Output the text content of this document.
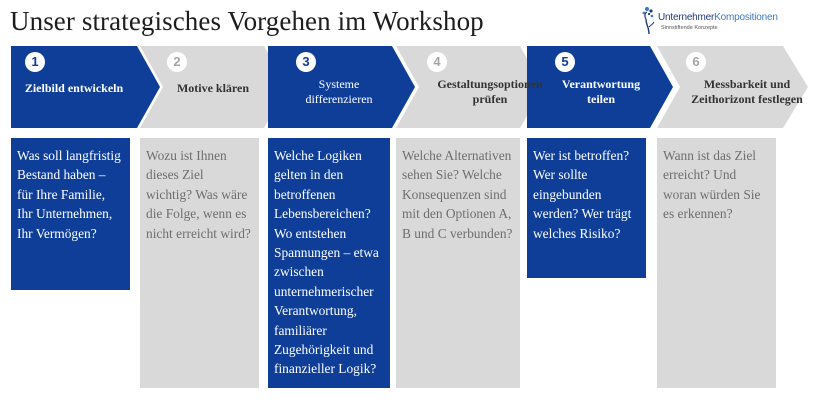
Unser strategisches Vorgehen im Workshop	UnternehmerKompositionen
Sinnstiftende Konzepte
1
Zielbild entwickeln
2
Motive klären
3
Systeme differenzieren
4
Gestaltungsoptionen prüfen
5
Verantwortung teilen
6
Messbarkeit und Zeithorizont festlegen
Was soll langfristig Bestand haben – für Ihre Familie, Ihr Unternehmen, Ihr Vermögen?
Wozu ist Ihnen dieses Ziel wichtig? Was wäre die Folge, wenn es nicht erreicht wird?
Welche Logiken gelten in den betroffenen Lebensbereichen? Wo entstehen Spannungen – etwa zwischen unternehmerischer Verantwortung, familiärer Zugehörigkeit und finanzieller Logik?
Welche Alternativen sehen Sie? Welche Konsequenzen sind mit den Optionen A, B und C verbunden?
Wer ist betroffen? Wer sollte eingebunden werden? Wer trägt welches Risiko?
Wann ist das Ziel erreicht? Und woran würden Sie es erkennen?
